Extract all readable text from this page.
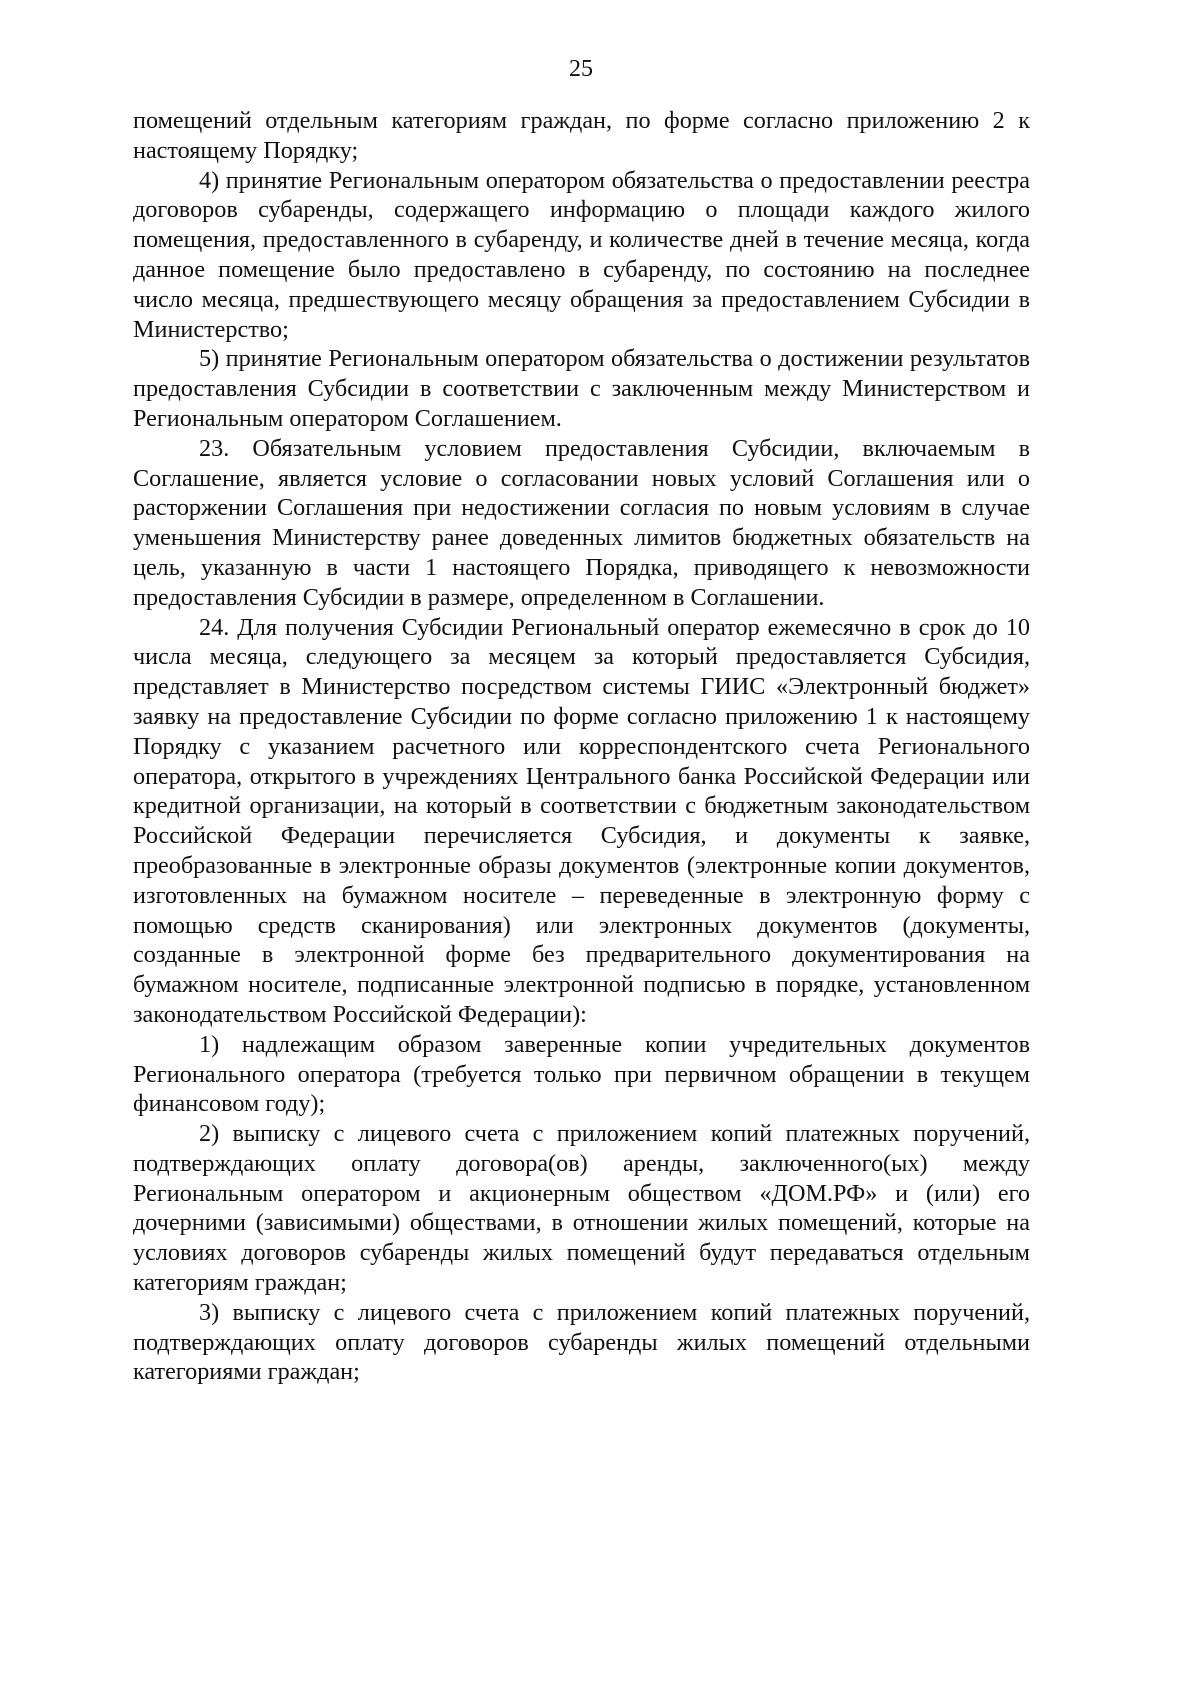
25

помещений отдельным категориям граждан, по форме согласно приложению 2 к настоящему Порядку;

4) принятие Региональным оператором обязательства о предоставлении реестра договоров субаренды, содержащего информацию о площади каждого жилого помещения, предоставленного в субаренду, и количестве дней в течение месяца, когда данное помещение было предоставлено в субаренду, по состоянию на последнее число месяца, предшествующего месяцу обращения за предоставлением Субсидии в Министерство;

5) принятие Региональным оператором обязательства о достижении результатов предоставления Субсидии в соответствии с заключенным между Министерством и Региональным оператором Соглашением.

23. Обязательным условием предоставления Субсидии, включаемым в Соглашение, является условие о согласовании новых условий Соглашения или о расторжении Соглашения при недостижении согласия по новым условиям в случае уменьшения Министерству ранее доведенных лимитов бюджетных обязательств на цель, указанную в части 1 настоящего Порядка, приводящего к невозможности предоставления Субсидии в размере, определенном в Соглашении.

24. Для получения Субсидии Региональный оператор ежемесячно в срок до 10 числа месяца, следующего за месяцем за который предоставляется Субсидия, представляет в Министерство посредством системы ГИИС «Электронный бюджет» заявку на предоставление Субсидии по форме согласно приложению 1 к настоящему Порядку с указанием расчетного или корреспондентского счета Регионального оператора, открытого в учреждениях Центрального банка Российской Федерации или кредитной организации, на который в соответствии с бюджетным законодательством Российской Федерации перечисляется Субсидия, и документы к заявке, преобразованные в электронные образы документов (электронные копии документов, изготовленных на бумажном носителе – переведенные в электронную форму с помощью средств сканирования) или электронных документов (документы, созданные в электронной форме без предварительного документирования на бумажном носителе, подписанные электронной подписью в порядке, установленном законодательством Российской Федерации):

1) надлежащим образом заверенные копии учредительных документов Регионального оператора (требуется только при первичном обращении в текущем финансовом году);

2) выписку с лицевого счета с приложением копий платежных поручений, подтверждающих оплату договора(ов) аренды, заключенного(ых) между Региональным оператором и акционерным обществом «ДОМ.РФ» и (или) его дочерними (зависимыми) обществами, в отношении жилых помещений, которые на условиях договоров субаренды жилых помещений будут передаваться отдельным категориям граждан;

3) выписку с лицевого счета с приложением копий платежных поручений, подтверждающих оплату договоров субаренды жилых помещений отдельными категориями граждан;
